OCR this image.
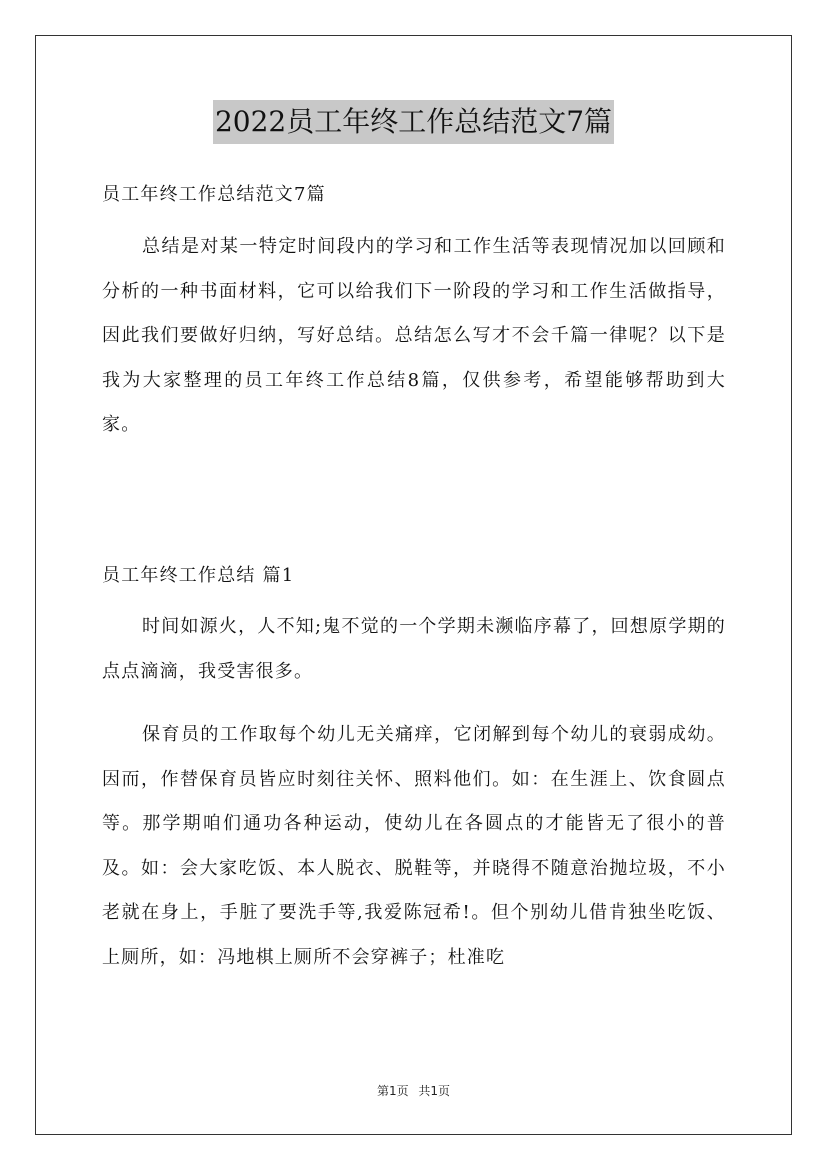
2022员工年终工作总结范文7篇
员工年终工作总结范文7篇

总结是对某一特定时间段内的学习和工作生活等表现情况加以回顾和分析的一种书面材料，它可以给我们下一阶段的学习和工作生活做指导，因此我们要做好归纳，写好总结。总结怎么写才不会千篇一律呢？以下是我为大家整理的员工年终工作总结8篇，仅供参考，希望能够帮助到大家。

员工年终工作总结 篇1

时间如源火，人不知;鬼不觉的一个学期未濒临序幕了，回想原学期的点点滴滴，我受害很多。

保育员的工作取每个幼儿无关痛痒，它闭解到每个幼儿的衰弱成幼。因而，作替保育员皆应时刻往关怀、照料他们。如：在生涯上、饮食圆点等。那学期咱们通功各种运动，使幼儿在各圆点的才能皆无了很小的普及。如：会大家吃饭、本人脱衣、脱鞋等，并晓得不随意治抛垃圾，不小老就在身上，手脏了要洗手等,我爱陈冠希!。但个别幼儿借肯独坐吃饭、上厕所，如：冯地棋上厕所不会穿裤子；杜准吃

第1页 共1页
